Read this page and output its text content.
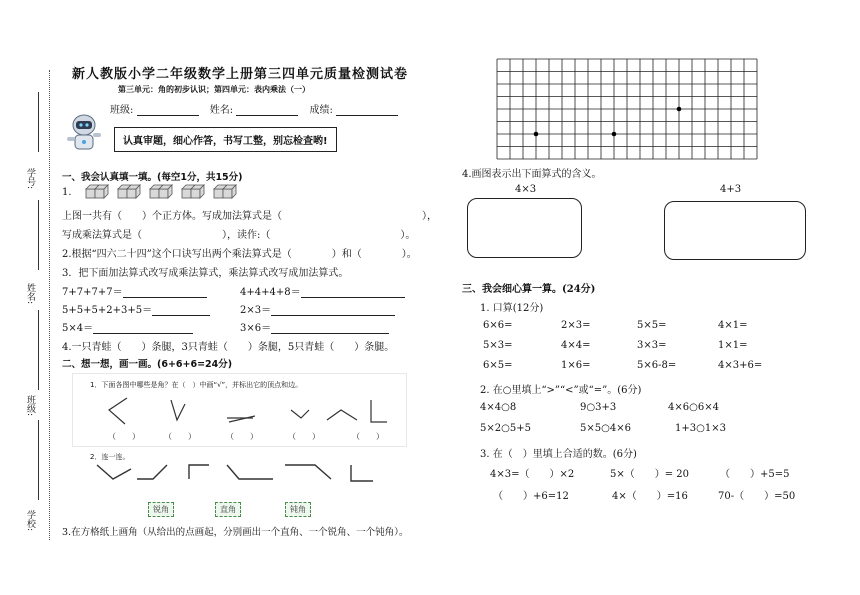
学号:
姓名:
班级:
学校:
新人教版小学二年级数学上册第三四单元质量检测试卷
第三单元：角的初步认识；第四单元：表内乘法（一）
班级:	姓名:	成绩:
认真审题，细心作答，书写工整，别忘检查哟!
一、我会认真填一填。(每空1分，共15分)
1.
上图一共有（　　）个正方体。写成加法算式是（　　　　　　　　　　　　　　），
写成乘法算式是（　　　　　　　　），读作:（　　　　　　　　　　　　　）。
2.根据“四六二十四”这个口诀写出两个乘法算式是（　　　　）和（　　　　）。
3．把下面加法算式改写成乘法算式，乘法算式改写成加法算式。
7+7+7+7＝	4+4+4+8＝
5+5+5+2+3+5＝	2×3＝
5×4＝	3×6＝
4.一只青蛙（　　）条腿，3只青蛙（　　）条腿，5只青蛙（　　）条腿。
二、想一想，画一画。(6+6+6=24分)
1．下面各图中哪些是角？在（　）中画“√”，并标出它的顶点和边。
（　　）	（　　）	（　　）	（　　）	（　　）
2．连一连。
锐角	直角	钝角
3.在方格纸上画角（从给出的点画起，分别画出一个直角、一个锐角、一个钝角）。
4.画图表示出下面算式的含义。
4×3	4+3
三、我会细心算一算。(24分)
1. 口算(12分)
6×6=	2×3=	5×5=	4×1=
5×3=	4×4=	3×3=	1×1=
6×5=	1×6=	5×6-8=	4×3+6=
2. 在○里填上“>”“<”或“=”。(6分)
4×4○8	9○3+3	4×6○6×4
5×2○5+5	5×5○4×6	1+3○1×3
3. 在（　）里填上合适的数。(6分)
4×3=（　　）×2	5×（　　）= 20	（　　）+5=5
（　　）+6=12	4×（　　）=16	70-（　　）=50
